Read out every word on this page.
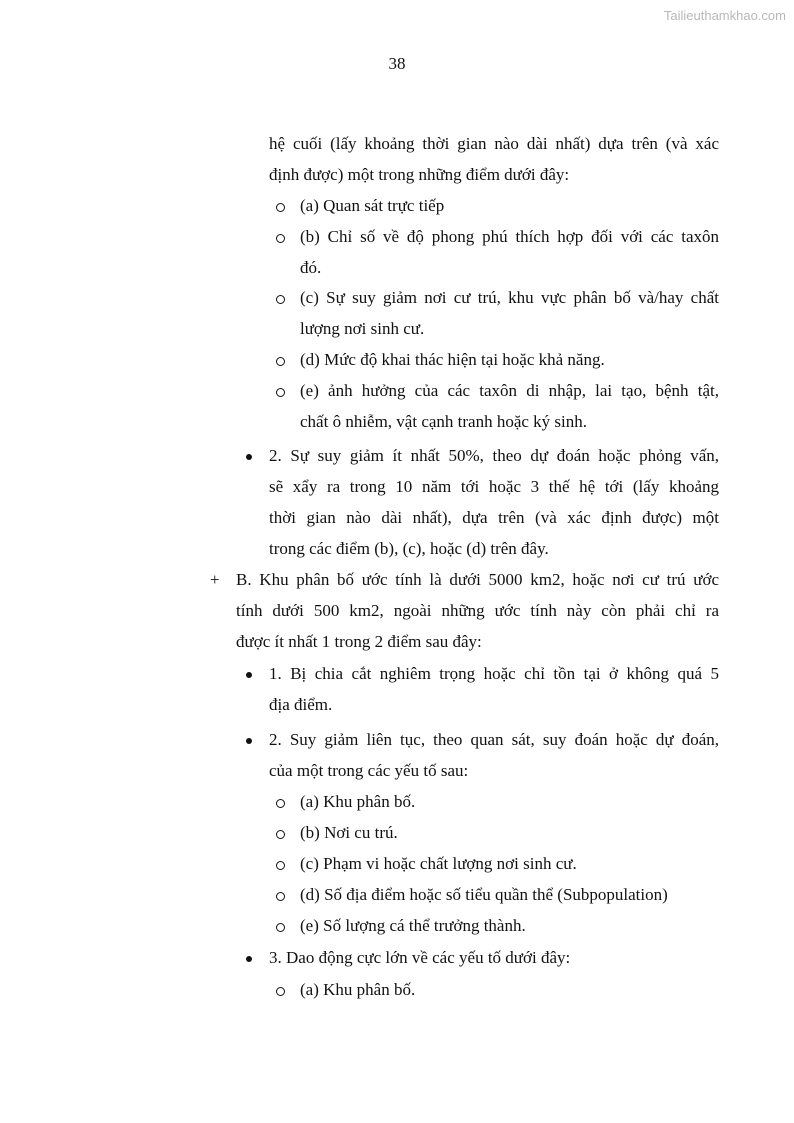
Tailieuthamkhao.com
38
hệ cuối (lấy khoảng thời gian nào dài nhất) dựa trên (và xác
định được) một trong những điểm dưới đây:
(a) Quan sát trực tiếp
(b) Chỉ số về độ phong phú thích hợp đối với các taxôn
đó.
(c) Sự suy giảm nơi cư trú, khu vực phân bố và/hay chất
lượng nơi sinh cư.
(d) Mức độ khai thác hiện tại hoặc khả năng.
(e) ảnh hưởng của các taxôn di nhập, lai tạo, bệnh tật,
chất ô nhiễm, vật cạnh tranh hoặc ký sinh.
2. Sự suy giảm ít nhất 50%, theo dự đoán hoặc phỏng vấn,
sẽ xẩy ra trong 10 năm tới hoặc 3 thế hệ tới (lấy khoảng
thời gian nào dài nhất), dựa trên (và xác định được) một
trong các điểm (b), (c), hoặc (d) trên đây.
+ B. Khu phân bố ước tính là dưới 5000 km2, hoặc nơi cư trú ước
tính dưới 500 km2, ngoài những ước tính này còn phải chỉ ra
được ít nhất 1 trong 2 điểm sau đây:
1. Bị chia cắt nghiêm trọng hoặc chỉ tồn tại ở không quá 5
địa điểm.
2. Suy giảm liên tục, theo quan sát, suy đoán hoặc dự đoán,
của một trong các yếu tố sau:
(a) Khu phân bố.
(b) Nơi cu trú.
(c) Phạm vi hoặc chất lượng nơi sinh cư.
(d) Số địa điểm hoặc số tiểu quần thể (Subpopulation)
(e) Số lượng cá thể trưởng thành.
3. Dao động cực lớn về các yếu tố dưới đây:
(a) Khu phân bố.
